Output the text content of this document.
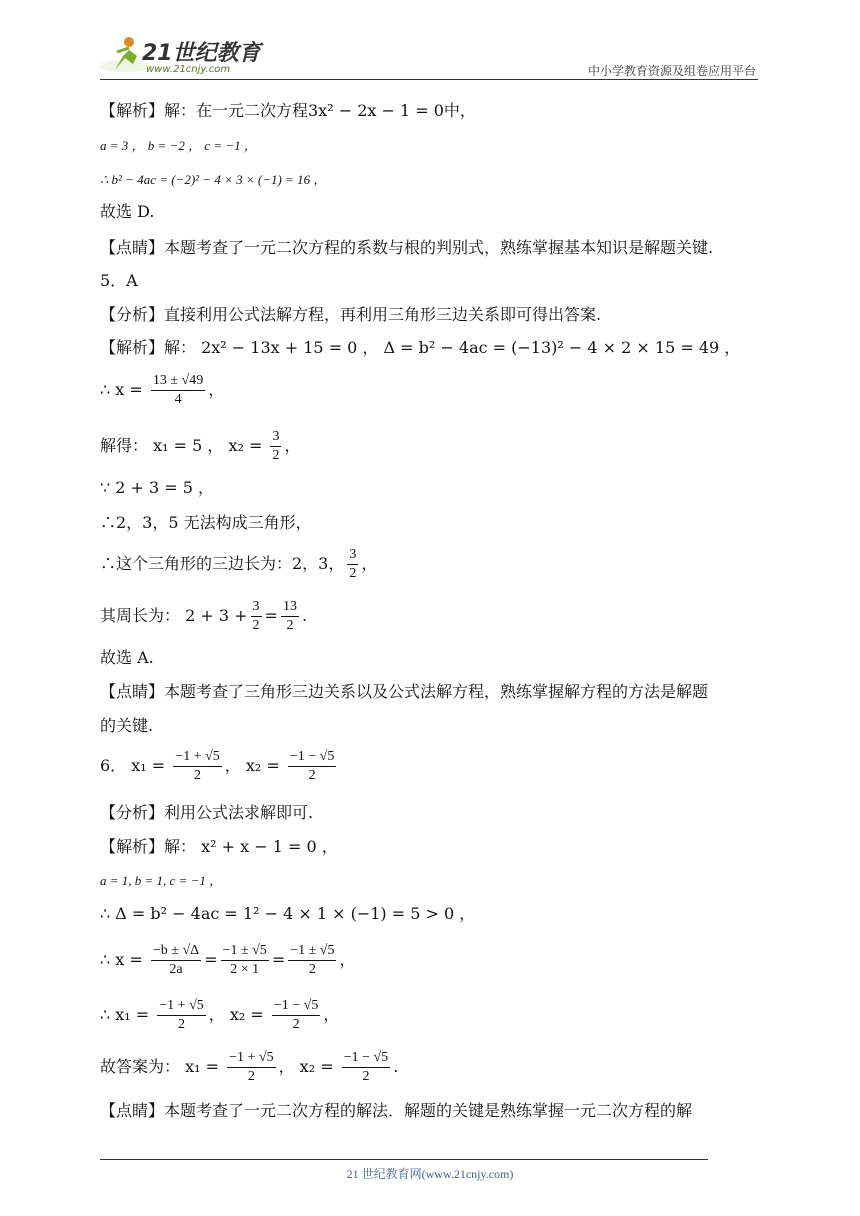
21世纪教育
www.21cnjy.com	中小学教育资源及组卷应用平台
【解析】解：在一元二次方程3x² − 2x − 1 = 0中，
a = 3 ， b = −2 ， c = −1 ，
∴ b² − 4ac = (−2)² − 4 × 3 × (−1) = 16 ，
故选 D.
【点睛】本题考查了一元二次方程的系数与根的判别式，熟练掌握基本知识是解题关键.
5．A
【分析】直接利用公式法解方程，再利用三角形三边关系即可得出答案.
【解析】解： 2x² − 13x + 15 = 0 ， Δ = b² − 4ac = (−13)² − 4 × 2 × 15 = 49 ，
∴ $x = \frac{13 \pm √49}{4}$ ，
解得： x₁ = 5 ， $x_2 = \frac{3}{2}$ ，
∵ 2 + 3 = 5 ，
∴2，3，5 无法构成三角形，
∴这个三角形的三边长为：2，3， $\frac{3}{2}$ ，
其周长为： $2 + 3 + \frac{3}{2} = \frac{13}{2}$ .
故选 A.
【点睛】本题考查了三角形三边关系以及公式法解方程，熟练掌握解方程的方法是解题
的关键.
6． $x_1 = \frac{-1 + √5}{2}$ ， $x_2 = \frac{-1 - √5}{2}$
【分析】利用公式法求解即可.
【解析】解： x² + x − 1 = 0 ，
a = 1, b = 1, c = −1 ，
∴ Δ = b² − 4ac = 1² − 4 × 1 × (−1) = 5 > 0 ，
∴ $x = \frac{-b \pm √\Delta}{2a} = \frac{-1 \pm √5}{2 \times 1} = \frac{-1 \pm √5}{2}$ ，
∴ $x_1 = \frac{-1 + √5}{2}$ ， $x_2 = \frac{-1 - √5}{2}$ ，
故答案为： $x_1 = \frac{-1 + √5}{2}$ ， $x_2 = \frac{-1 - √5}{2}$ .
【点睛】本题考查了一元二次方程的解法．解题的关键是熟练掌握一元二次方程的解
21 世纪教育网(www.21cnjy.com)
